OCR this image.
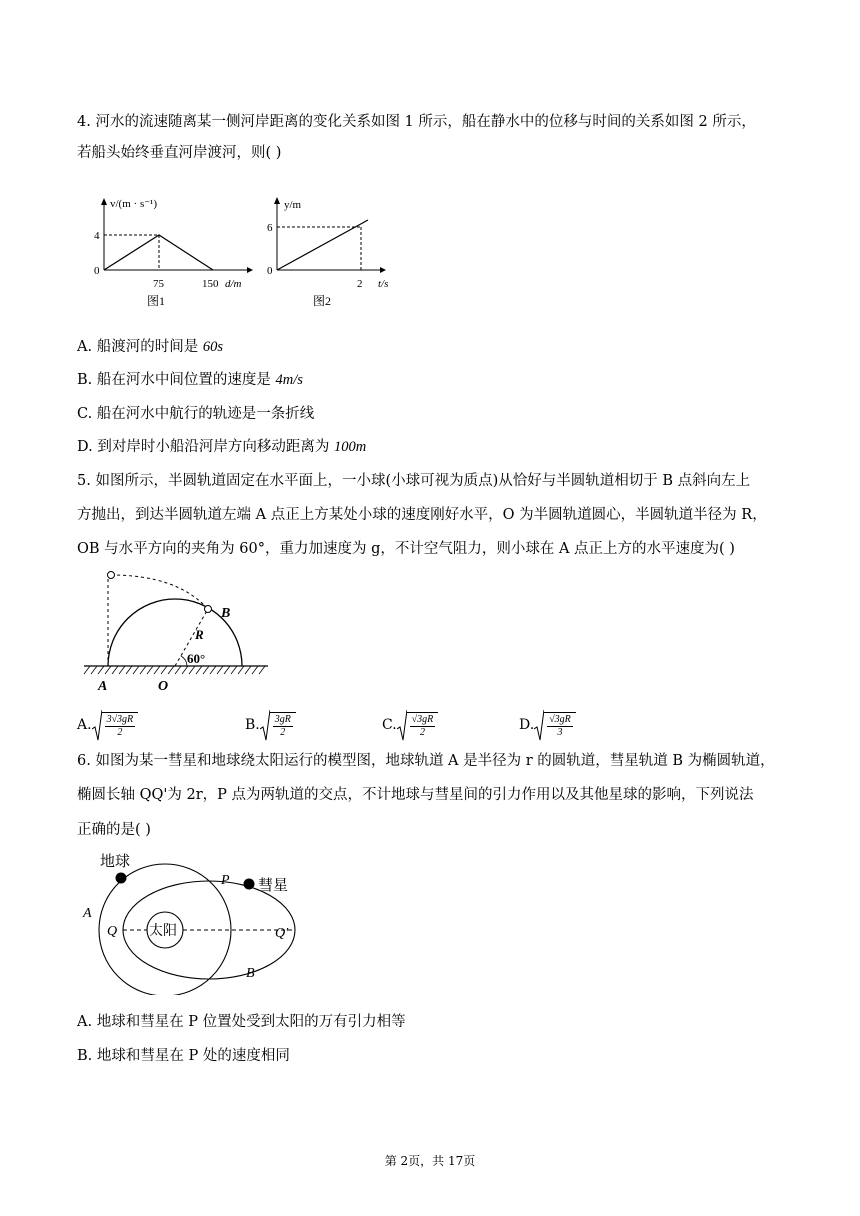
4. 河水的流速随离某一侧河岸距离的变化关系如图 1 所示，船在静水中的位移与时间的关系如图 2 所示，
若船头始终垂直河岸渡河，则( )
v/(m · s⁻¹)
4
0
75	150 d/m
图1
y/m
6
0
2 t/s
图2
A. 船渡河的时间是 60s
B. 船在河水中间位置的速度是 4m/s
C. 船在河水中航行的轨迹是一条折线
D. 到对岸时小船沿河岸方向移动距离为 100m
5. 如图所示，半圆轨道固定在水平面上，一小球(小球可视为质点)从恰好与半圆轨道相切于 B 点斜向左上
方抛出，到达半圆轨道左端 A 点正上方某处小球的速度刚好水平，O 为半圆轨道圆心，半圆轨道半径为 R，
OB 与水平方向的夹角为 60°，重力加速度为 g，不计空气阻力，则小球在 A 点正上方的水平速度为( )
B
R
60°
A	O
A. $\frac{3√3gR}{2}$	B. $\frac{3gR}{2}$	C. $\frac{√3gR}{2}$	D. $\frac{√3gR}{3}$
6. 如图为某一彗星和地球绕太阳运行的模型图，地球轨道 A 是半径为 r 的圆轨道，彗星轨道 B 为椭圆轨道，
椭圆长轴 QQ'为 2r，P 点为两轨道的交点，不计地球与彗星间的引力作用以及其他星球的影响，下列说法
正确的是( )
太阳
地球
彗星
P
A
Q	Q'
B
A. 地球和彗星在 P 位置处受到太阳的万有引力相等
B. 地球和彗星在 P 处的速度相同
第 2页，共 17页
